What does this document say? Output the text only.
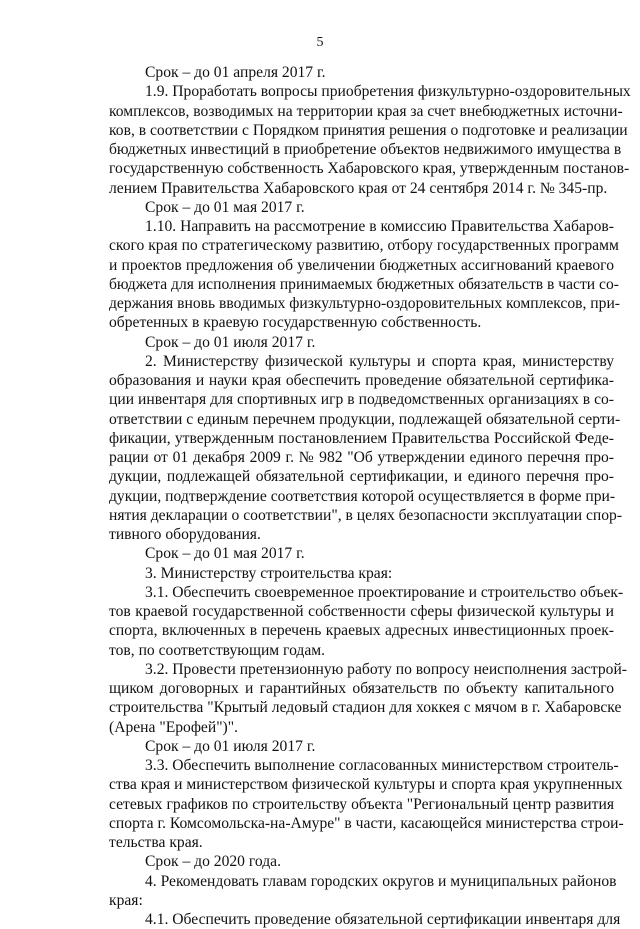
5
Срок – до 01 апреля 2017 г.
1.9. Проработать вопросы приобретения физкультурно-оздоровительных
комплексов, возводимых на территории края за счет внебюджетных источни-
ков, в соответствии с Порядком принятия решения о подготовке и реализации
бюджетных инвестиций в приобретение объектов недвижимого имущества в
государственную собственность Хабаровского края, утвержденным постанов-
лением Правительства Хабаровского края от 24 сентября 2014 г. № 345-пр.
Срок – до 01 мая 2017 г.
1.10. Направить на рассмотрение в комиссию Правительства Хабаров-
ского края по стратегическому развитию, отбору государственных программ
и проектов предложения об увеличении бюджетных ассигнований краевого
бюджета для исполнения принимаемых бюджетных обязательств в части со-
держания вновь вводимых физкультурно-оздоровительных комплексов, при-
обретенных в краевую государственную собственность.
Срок – до 01 июля 2017 г.
2. Министерству физической культуры и спорта края, министерству
образования и науки края обеспечить проведение обязательной сертифика-
ции инвентаря для спортивных игр в подведомственных организациях в со-
ответствии с единым перечнем продукции, подлежащей обязательной серти-
фикации, утвержденным постановлением Правительства Российской Феде-
рации от 01 декабря 2009 г. № 982 "Об утверждении единого перечня про-
дукции, подлежащей обязательной сертификации, и единого перечня про-
дукции, подтверждение соответствия которой осуществляется в форме при-
нятия декларации о соответствии", в целях безопасности эксплуатации спор-
тивного оборудования.
Срок – до 01 мая 2017 г.
3. Министерству строительства края:
3.1. Обеспечить своевременное проектирование и строительство объек-
тов краевой государственной собственности сферы физической культуры и
спорта, включенных в перечень краевых адресных инвестиционных проек-
тов, по соответствующим годам.
3.2. Провести претензионную работу по вопросу неисполнения застрой-
щиком договорных и гарантийных обязательств по объекту капитального
строительства "Крытый ледовый стадион для хоккея с мячом в г. Хабаровске
(Арена "Ерофей")".
Срок – до 01 июля 2017 г.
3.3. Обеспечить выполнение согласованных министерством строитель-
ства края и министерством физической культуры и спорта края укрупненных
сетевых графиков по строительству объекта "Региональный центр развития
спорта г. Комсомольска-на-Амуре" в части, касающейся министерства строи-
тельства края.
Срок – до 2020 года.
4. Рекомендовать главам городских округов и муниципальных районов
края:
4.1. Обеспечить проведение обязательной сертификации инвентаря для
